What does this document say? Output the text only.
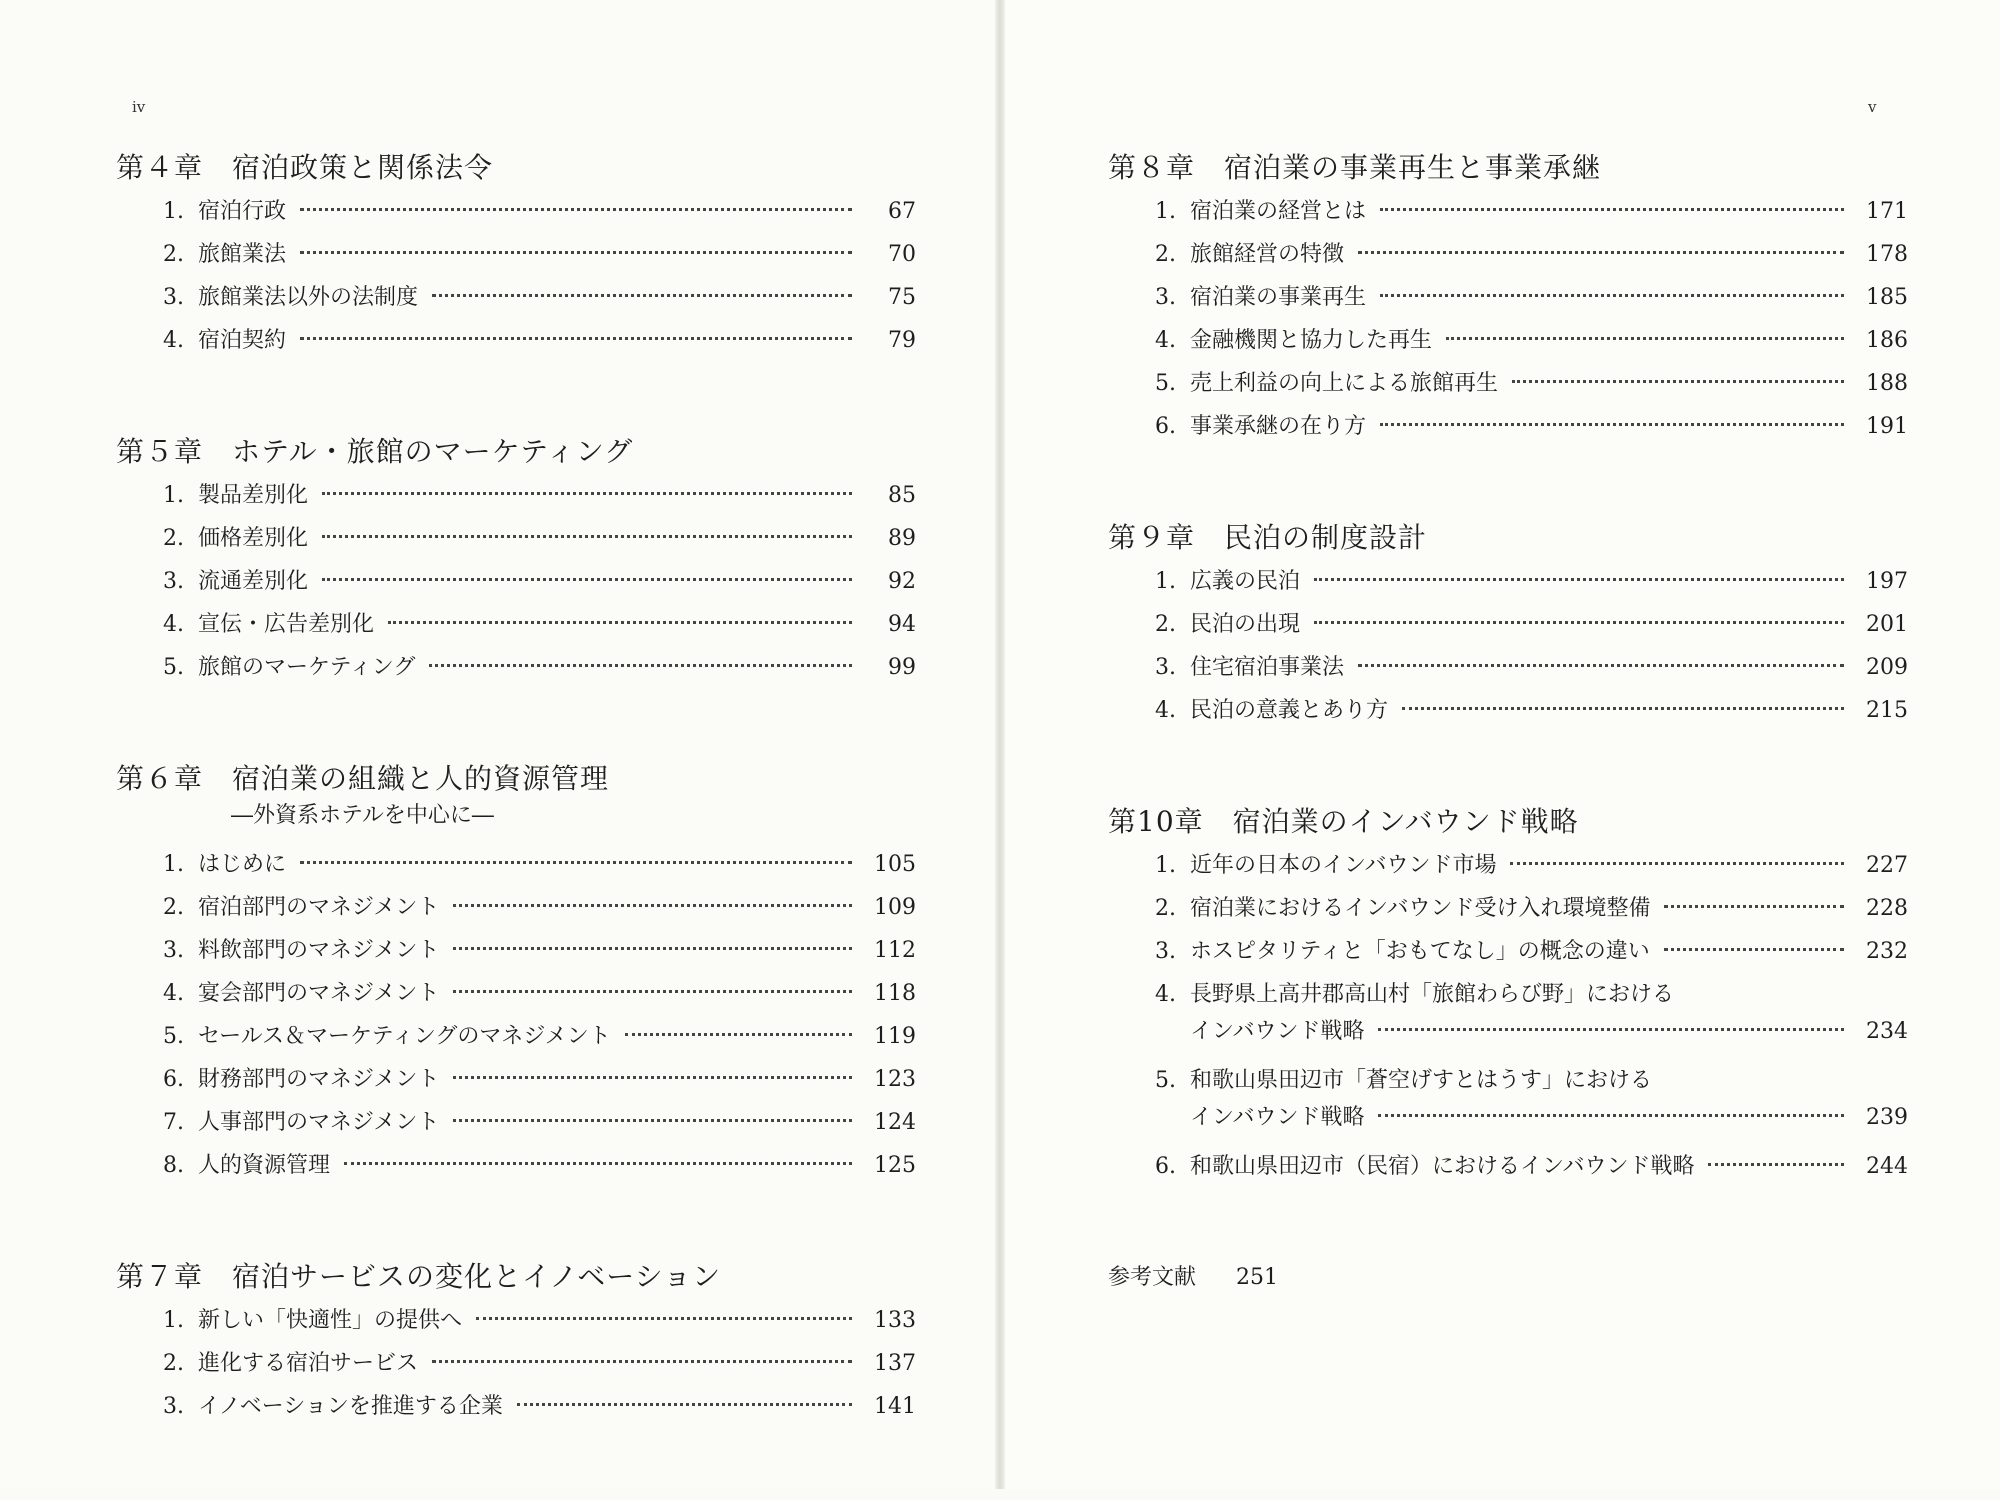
iv
第４章　宿泊政策と関係法令
1. 宿泊行政	67
2. 旅館業法	70
3. 旅館業法以外の法制度	75
4. 宿泊契約	79
第５章　ホテル・旅館のマーケティング
1. 製品差別化	85
2. 価格差別化	89
3. 流通差別化	92
4. 宣伝・広告差別化	94
5. 旅館のマーケティング	99
第６章　宿泊業の組織と人的資源管理
―外資系ホテルを中心に―
1. はじめに	105
2. 宿泊部門のマネジメント	109
3. 料飲部門のマネジメント	112
4. 宴会部門のマネジメント	118
5. セールス＆マーケティングのマネジメント	119
6. 財務部門のマネジメント	123
7. 人事部門のマネジメント	124
8. 人的資源管理	125
第７章　宿泊サービスの変化とイノベーション
1. 新しい「快適性」の提供へ	133
2. 進化する宿泊サービス	137
3. イノベーションを推進する企業	141
v
第８章　宿泊業の事業再生と事業承継
1. 宿泊業の経営とは	171
2. 旅館経営の特徴	178
3. 宿泊業の事業再生	185
4. 金融機関と協力した再生	186
5. 売上利益の向上による旅館再生	188
6. 事業承継の在り方	191
第９章　民泊の制度設計
1. 広義の民泊	197
2. 民泊の出現	201
3. 住宅宿泊事業法	209
4. 民泊の意義とあり方	215
第10章　宿泊業のインバウンド戦略
1. 近年の日本のインバウンド市場	227
2. 宿泊業におけるインバウンド受け入れ環境整備	228
3. ホスピタリティと「おもてなし」の概念の違い	232
4. 長野県上高井郡高山村「旅館わらび野」における
インバウンド戦略	234
5. 和歌山県田辺市「蒼空げすとはうす」における
インバウンド戦略	239
6. 和歌山県田辺市（民宿）におけるインバウンド戦略	244
参考文献 251
